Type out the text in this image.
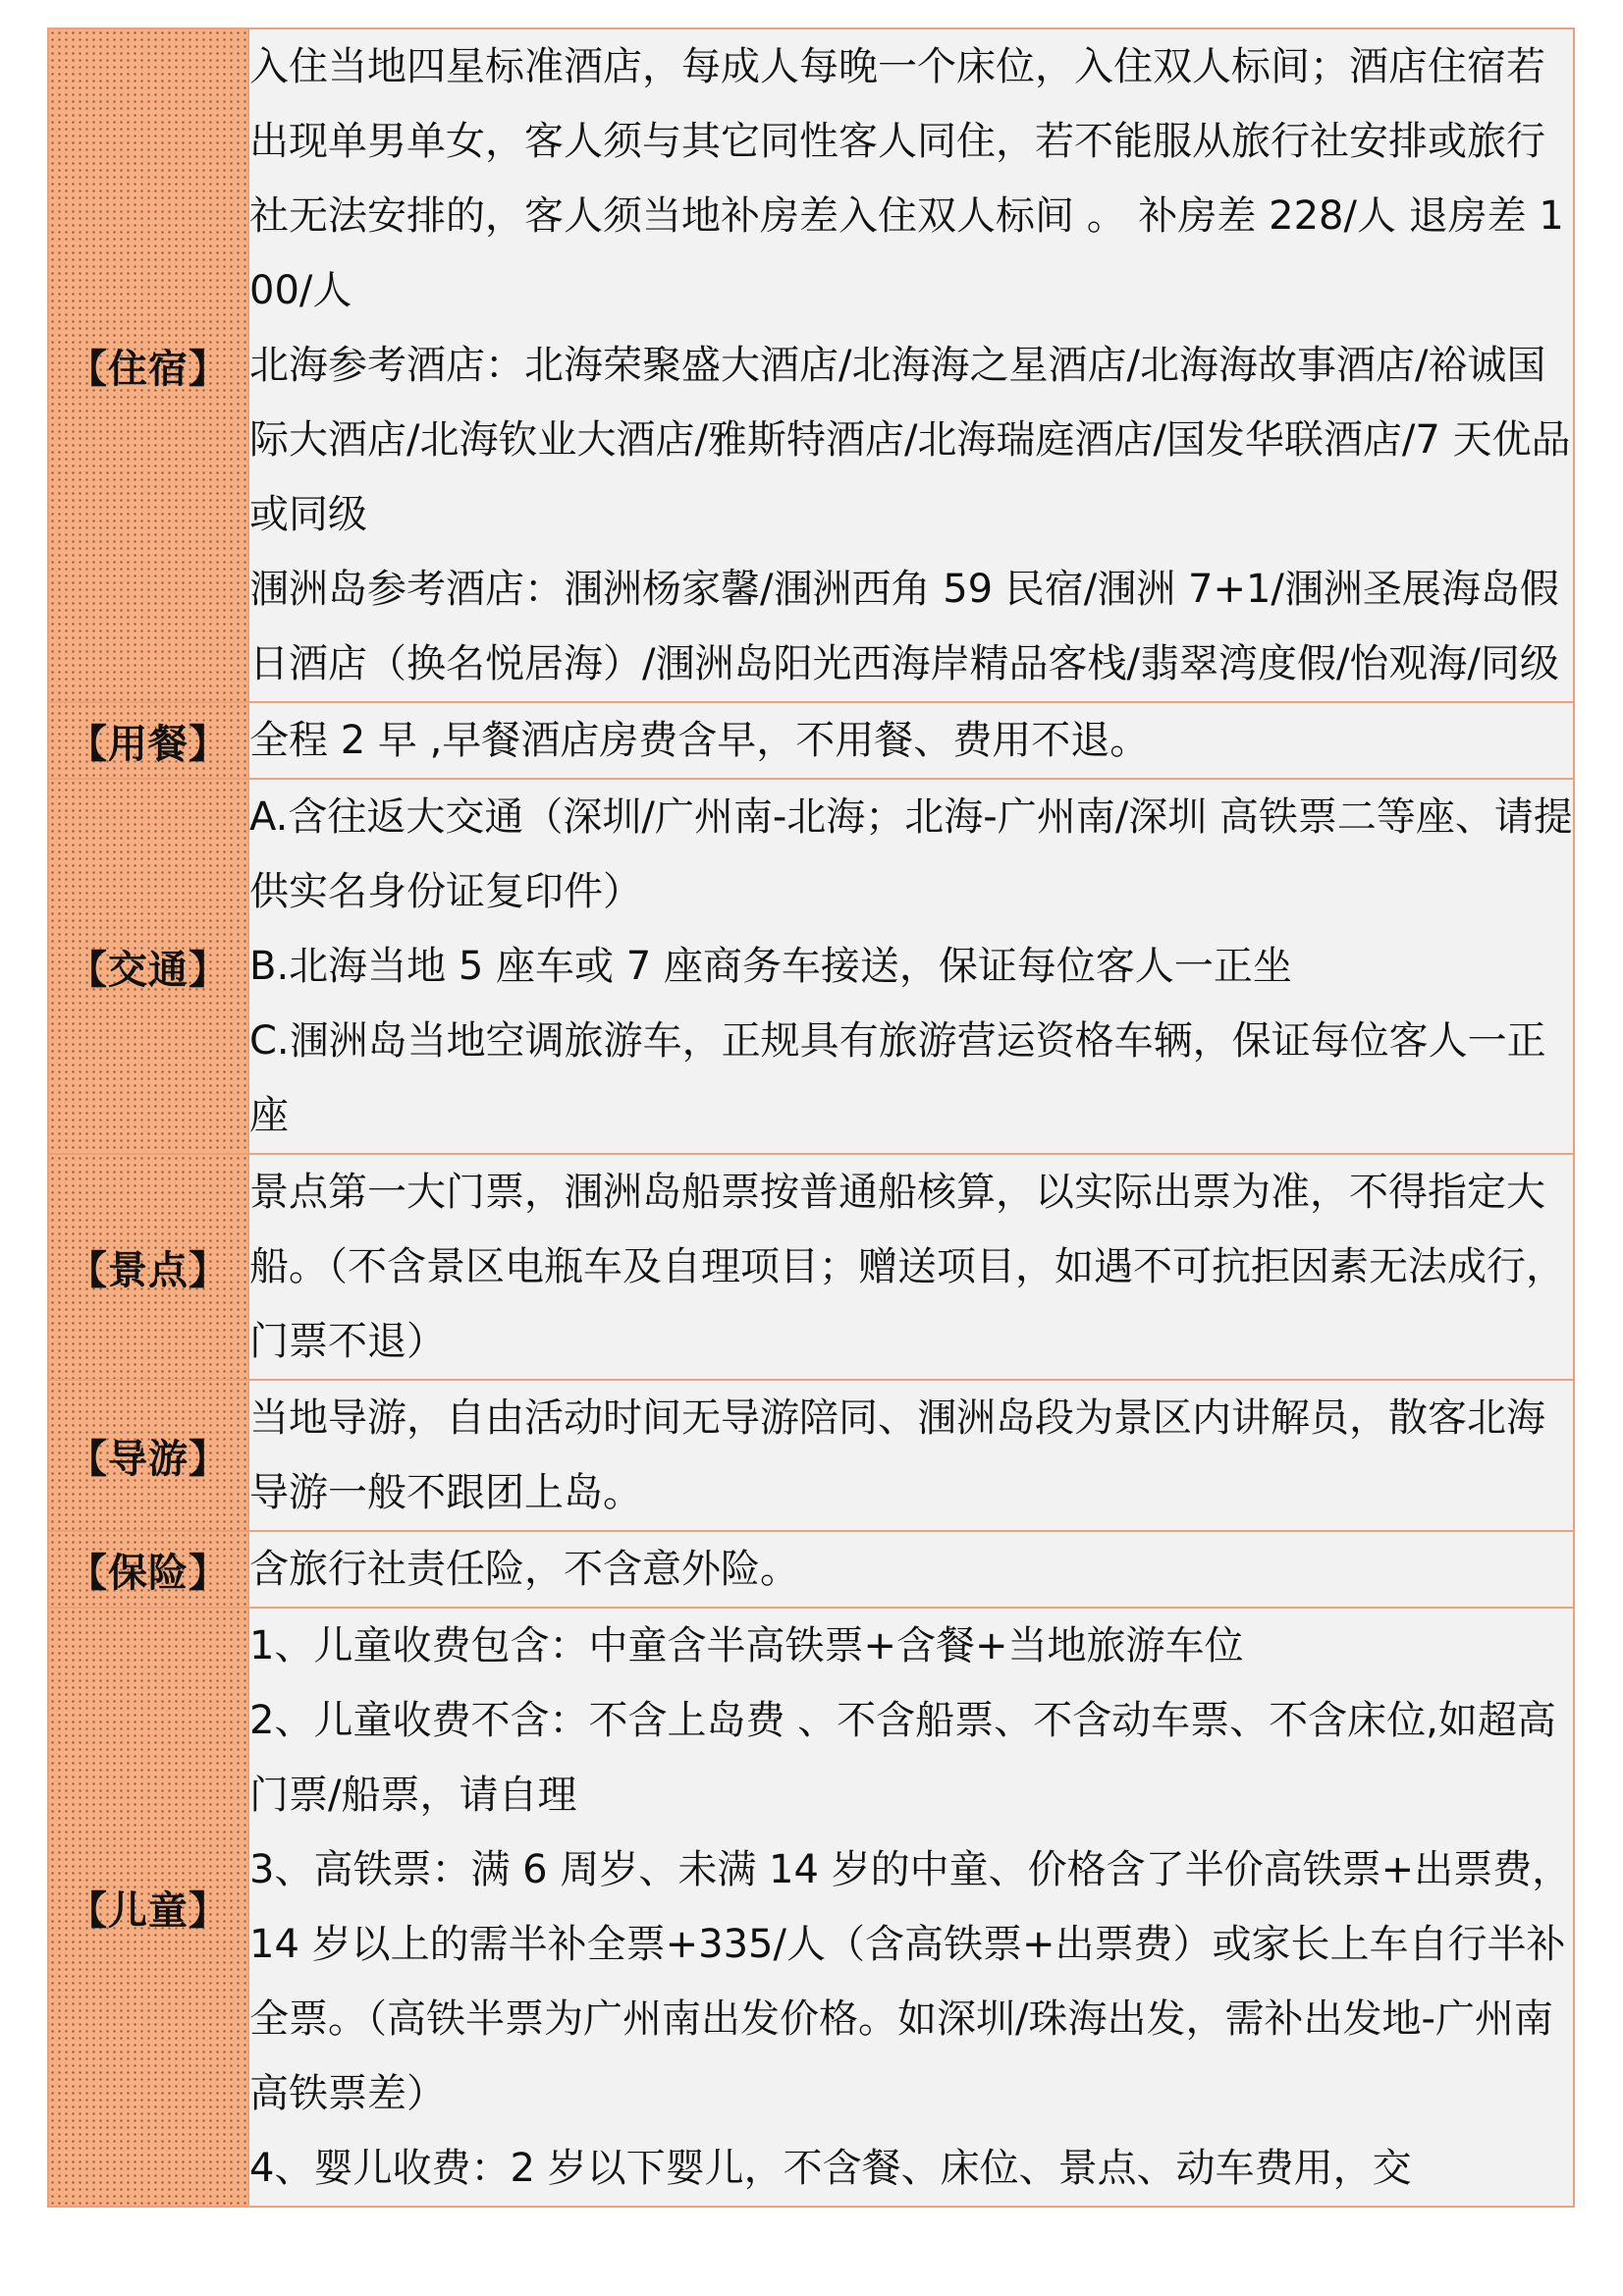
【住宿】	入住当地四星标准酒店，每成人每晚一个床位，入住双人标间；酒店住宿若出现单男单女，客人须与其它同性客人同住，若不能服从旅行社安排或旅行社无法安排的，客人须当地补房差入住双人标间 。 补房差 228/人 退房差 100/人

北海参考酒店：北海荣聚盛大酒店/北海海之星酒店/北海海故事酒店/裕诚国际大酒店/北海钦业大酒店/雅斯特酒店/北海瑞庭酒店/国发华联酒店/7 天优品或同级

涠洲岛参考酒店：涠洲杨家馨/涠洲西角 59 民宿/涠洲 7+1/涠洲圣展海岛假日酒店（换名悦居海）/涠洲岛阳光西海岸精品客栈/翡翠湾度假/怡观海/同级

【用餐】	全程 2 早 ,早餐酒店房费含早，不用餐、费用不退。

【交通】	A.含往返大交通（深圳/广州南-北海；北海-广州南/深圳 高铁票二等座、请提供实名身份证复印件）

B.北海当地 5 座车或 7 座商务车接送，保证每位客人一正坐

C.涠洲岛当地空调旅游车，正规具有旅游营运资格车辆，保证每位客人一正座

【景点】	景点第一大门票，涠洲岛船票按普通船核算，以实际出票为准，不得指定大船。（不含景区电瓶车及自理项目；赠送项目，如遇不可抗拒因素无法成行，门票不退）

【导游】	当地导游，自由活动时间无导游陪同、涠洲岛段为景区内讲解员，散客北海导游一般不跟团上岛。

【保险】	含旅行社责任险，不含意外险。

【儿童】	1、儿童收费包含：中童含半高铁票+含餐+当地旅游车位

2、儿童收费不含：不含上岛费 、不含船票、不含动车票、不含床位,如超高门票/船票，请自理

3、高铁票：满 6 周岁、未满 14 岁的中童、价格含了半价高铁票+出票费，14 岁以上的需半补全票+335/人（含高铁票+出票费）或家长上车自行半补全票。（高铁半票为广州南出发价格。如深圳/珠海出发，需补出发地-广州南高铁票差）

4、婴儿收费：2 岁以下婴儿，不含餐、床位、景点、动车费用，交
